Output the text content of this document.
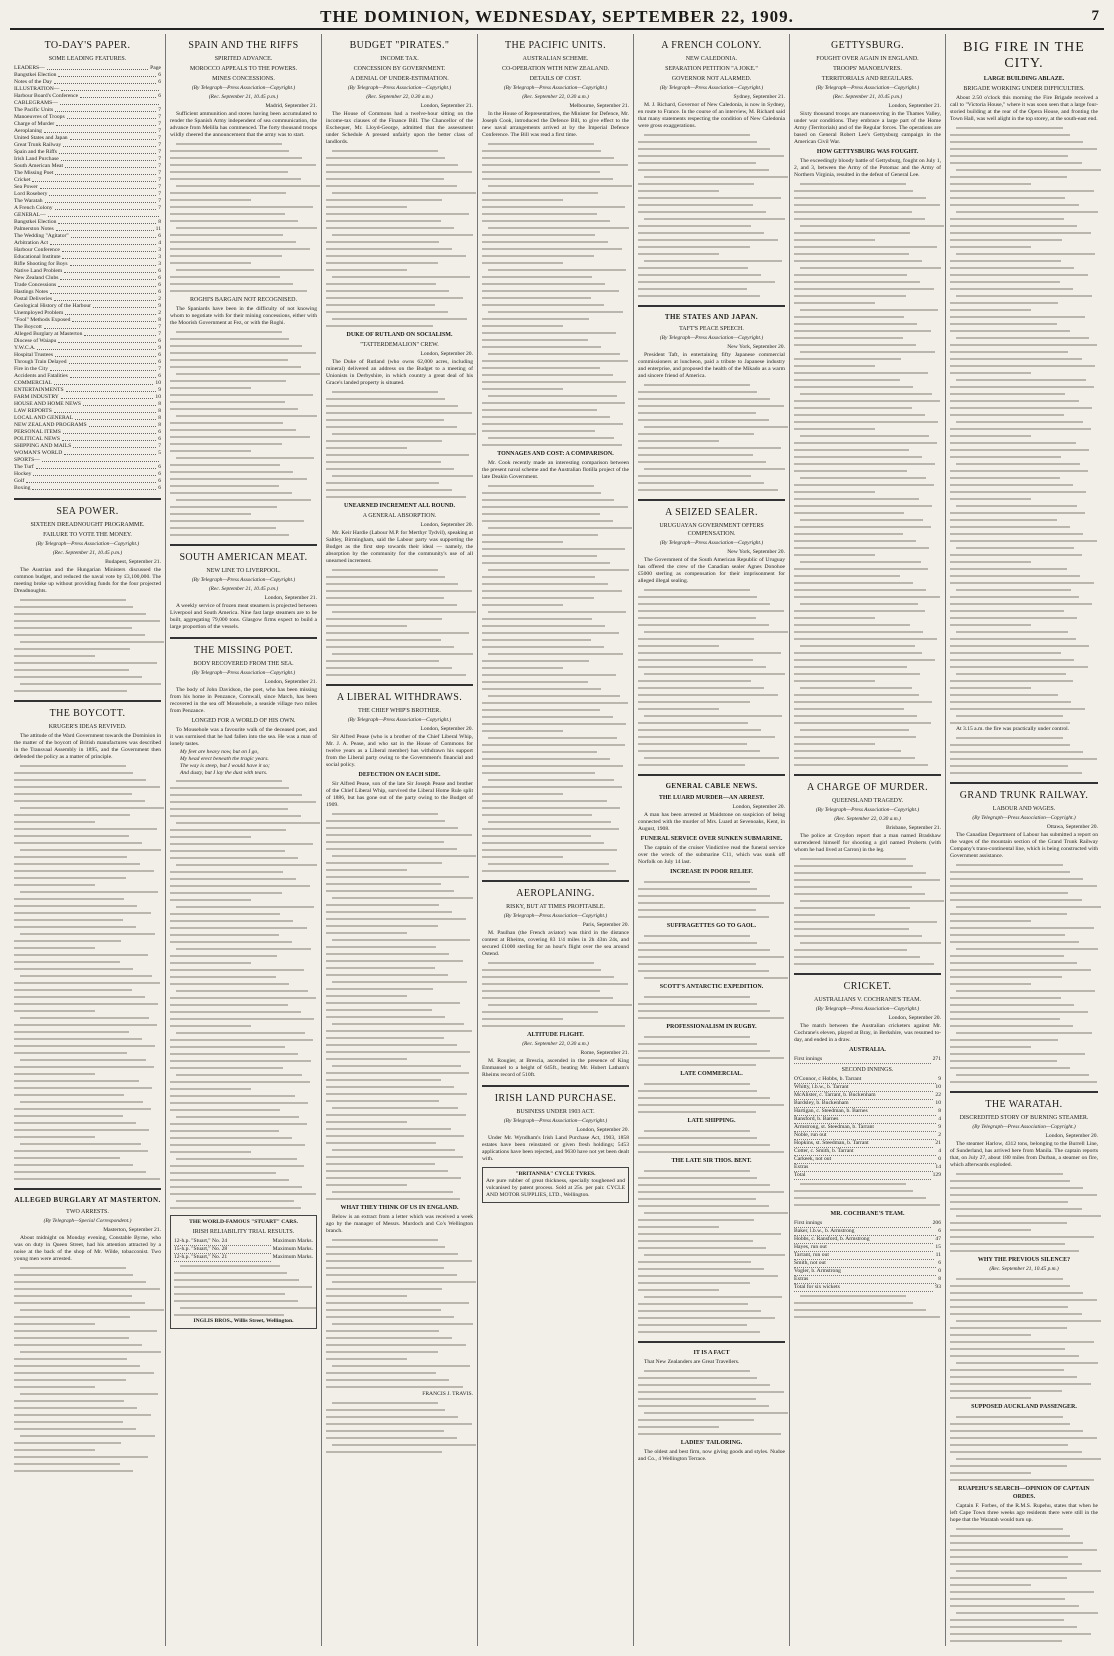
THE DOMINION, WEDNESDAY, SEPTEMBER 22, 1909.	7
TO-DAY'S PAPER.
SOME LEADING FEATURES.
LEADERS—	Page
Bangstkei Election	6
Notes of the Day	6
ILLUSTRATION—
Harbour Board's Conference	6
CABLEGRAMS—
The Pacific Units	7
Manoeuvres of Troops	7
Charge of Murder	7
Aeroplaning	7
United States and Japan	7
Great Trunk Railway	7
Spain and the Riffs	7
Irish Land Purchase	7
South American Meat	7
The Missing Poet	7
Cricket	7
Sea Power	7
Lord Rosebery	7
The Waratah	7
A French Colony	7
GENERAL—
Bangstkei Election	8
Palmerston Notes	11
The Wedding "Agitator"	6
Arbitration Act	4
Harbour Conference	3
Educational Institute	3
Rifle Shooting for Boys	3
Native Land Problem	6
New Zealand Clubs	6
Trade Concessions	6
Hastings Notes	6
Postal Deliveries	2
Geological History of the Harbour	9
Unemployed Problem	2
"Fool" Methods Exposed	8
The Boycott	7
Alleged Burglary at Masterton	7
Diocese of Waiapu	6
Y.W.C.A.	9
Hospital Trustees	6
Through Train Delayed	6
Fire in the City	7
Accidents and Fatalities	6
COMMERCIAL	10
ENTERTAINMENTS	9
FARM INDUSTRY	10
HOUSE AND HOME NEWS	8
LAW REPORTS	8
LOCAL AND GENERAL	8
NEW ZEALAND PROGRAMS	8
PERSONAL ITEMS	6
POLITICAL NEWS	6
SHIPPING AND MAILS	7
WOMAN'S WORLD	5
SPORTS—
The Turf	6
Hockey	6
Golf	6
Boxing	6
SEA POWER.
SIXTEEN DREADNOUGHT PROGRAMME.
FAILURE TO VOTE THE MONEY.
(By Telegraph—Press Association—Copyright.)
(Rec. September 21, 10.45 p.m.)
Budapest, September 21.

The Austrian and the Hungarian Ministers discussed the common budget, and reduced the naval vote by £3,100,000. The meeting broke up without providing funds for the four projected Dreadnoughts.

THE BOYCOTT.
KRUGER'S IDEAS REVIVED.

The attitude of the Ward Government towards the Dominion in the matter of the boycott of British manufactures was described in the Transvaal Assembly in 1895, and the Government then defended the policy as a matter of principle.

ALLEGED BURGLARY AT MASTERTON.
TWO ARRESTS.
(By Telegraph—Special Correspondent.)
Masterton, September 21.

About midnight on Monday evening, Constable Byrne, who was on duty in Queen Street, had his attention attracted by a noise at the back of the shop of Mr. Wilde, tobacconist. Two young men were arrested.

SPAIN AND THE RIFFS
SPIRITED ADVANCE.
MOROCCO APPEALS TO THE POWERS.
MINES CONCESSIONS.
(By Telegraph—Press Association—Copyright.)
(Rec. September 21, 10.45 p.m.)
Madrid, September 21.

Sufficient ammunition and stores having been accumulated to render the Spanish Army independent of sea communication, the advance from Melilla has commenced. The forty thousand troops wildly cheered the announcement that the army was to start.

ROGHI'S BARGAIN NOT RECOGNISED.

The Spaniards have been in the difficulty of not knowing whom to negotiate with for their mining concessions, either with the Moorish Government at Fez, or with the Roghi.

SOUTH AMERICAN MEAT.
NEW LINE TO LIVERPOOL.
(By Telegraph—Press Association—Copyright.)
(Rec. September 21, 10.45 p.m.)
London, September 21.

A weekly service of frozen meat steamers is projected between Liverpool and South America. Nine fast large steamers are to be built, aggregating 79,000 tons. Glasgow firms expect to build a large proportion of the vessels.

THE MISSING POET.
BODY RECOVERED FROM THE SEA.
(By Telegraph—Press Association—Copyright.)
London, September 21.

The body of John Davidson, the poet, who has been missing from his home in Penzance, Cornwall, since March, has been recovered in the sea off Mousehole, a seaside village two miles from Penzance.

LONGED FOR A WORLD OF HIS OWN.

To Mousehole was a favourite walk of the deceased poet, and it was surmised that he had fallen into the sea. He was a man of lonely tastes.

My feet are heavy now, but on I go,
My head erect beneath the tragic years.
The way is steep, but I would have it so;
And dusty, but I lay the dust with tears.
THE WORLD-FAMOUS "STUART" CARS.
IRISH RELIABILITY TRIAL RESULTS.
12-h.p. "Stuart," No. 24	Maximum Marks.
15-h.p. "Stuart," No. 28	Maximum Marks.
12-h.p. "Stuart," No. 21	Maximum Marks.
INGLIS BROS., Willis Street, Wellington.
BUDGET "PIRATES."
INCOME TAX.
CONCESSION BY GOVERNMENT.
A DENIAL OF UNDER-ESTIMATION.
(By Telegraph—Press Association—Copyright.)
(Rec. September 22, 0.30 a.m.)
London, September 21.

The House of Commons had a twelve-hour sitting on the income-tax clauses of the Finance Bill. The Chancellor of the Exchequer, Mr. Lloyd-George, admitted that the assessment under Schedule A pressed unfairly upon the better class of landlords.

DUKE OF RUTLAND ON SOCIALISM.
"TATTERDEMALION" CREW.
London, September 20.

The Duke of Rutland (who owns 62,000 acres, including mineral) delivered an address on the Budget to a meeting of Unionists in Derbyshire, in which country a great deal of his Grace's landed property is situated.

UNEARNED INCREMENT ALL ROUND.
A GENERAL ABSORPTION.
London, September 20.

Mr. Keir Hardie (Labour M.P. for Merthyr Tydvil), speaking at Saltley, Birmingham, said the Labour party was supporting the Budget as the first step towards their ideal — namely, the absorption by the community for the community's use of all unearned increment.

A LIBERAL WITHDRAWS.
THE CHIEF WHIP'S BROTHER.
(By Telegraph—Press Association—Copyright.)
London, September 20.

Sir Alfred Pease (who is a brother of the Chief Liberal Whip, Mr. J. A. Pease, and who sat in the House of Commons for twelve years as a Liberal member) has withdrawn his support from the Liberal party owing to the Government's financial and social policy.

DEFECTION ON EACH SIDE.

Sir Alfred Pease, son of the late Sir Joseph Pease and brother of the Chief Liberal Whip, survived the Liberal Home Rule split of 1886, but has gone out of the party owing to the Budget of 1909.

WHAT THEY THINK OF US IN ENGLAND.

Below is an extract from a letter which was received a week ago by the manager of Messrs. Murdoch and Co's Wellington branch.

FRANCIS J. TRAVIS.
THE PACIFIC UNITS.
AUSTRALIAN SCHEME.
CO-OPERATION WITH NEW ZEALAND.
DETAILS OF COST.
(By Telegraph—Press Association—Copyright.)
(Rec. September 22, 0.30 a.m.)
Melbourne, September 21.

In the House of Representatives, the Minister for Defence, Mr. Joseph Cook, introduced the Defence Bill, to give effect to the new naval arrangements arrived at by the Imperial Defence Conference. The Bill was read a first time.

TONNAGES AND COST: A COMPARISON.

Mr. Cook recently made an interesting comparison between the present naval scheme and the Australian flotilla project of the late Deakin Government.

AEROPLANING.
RISKY, BUT AT TIMES PROFITABLE.
(By Telegraph—Press Association—Copyright.)
Paris, September 20.

M. Paulhan (the French aviator) was third in the distance contest at Rheims, covering 83 1/4 miles in 2h 43m 24s, and secured £1000 sterling for an hour's flight over the sea around Ostend.

ALTITUDE FLIGHT.
(Rec. September 22, 0.30 a.m.)
Rome, September 21.

M. Rougier, at Brescia, ascended in the presence of King Emmanuel to a height of 645ft., beating Mr. Hubert Latham's Rheims record of 510ft.

IRISH LAND PURCHASE.
BUSINESS UNDER 1903 ACT.
(By Telegraph—Press Association—Copyright.)
London, September 20.

Under Mr. Wyndham's Irish Land Purchase Act, 1903, 1858 estates have been reinstated or given fresh holdings; 5453 applications have been rejected, and 9630 have not yet been dealt with.

"BRITANNIA" CYCLE TYRES.
Are pure rubber of great thickness, specially toughened and vulcanised by patent process. Sold at 25s. per pair. CYCLE AND MOTOR SUPPLIES, LTD., Wellington.
A FRENCH COLONY.
NEW CALEDONIA.
SEPARATION PETITION "A JOKE."
GOVERNOR NOT ALARMED.
(By Telegraph—Press Association—Copyright.)
Sydney, September 21.

M. J. Richard, Governor of New Caledonia, is now in Sydney, en route to France. In the course of an interview, M. Richard said that many statements respecting the condition of New Caledonia were gross exaggerations.

THE STATES AND JAPAN.
TAFT'S PEACE SPEECH.
(By Telegraph—Press Association—Copyright.)
New York, September 20.

President Taft, in entertaining fifty Japanese commercial commissioners at luncheon, paid a tribute to Japanese industry and enterprise, and proposed the health of the Mikado as a warm and sincere friend of America.

A SEIZED SEALER.
URUGUAYAN GOVERNMENT OFFERS COMPENSATION.
(By Telegraph—Press Association—Copyright.)
New York, September 20.

The Government of the South American Republic of Uruguay has offered the crew of the Canadian sealer Agnes Donohoe £5000 sterling as compensation for their imprisonment for alleged illegal sealing.

GENERAL CABLE NEWS.
THE LUARD MURDER—AN ARREST.
London, September 20.

A man has been arrested at Maidstone on suspicion of being connected with the murder of Mrs. Luard at Sevenoaks, Kent, in August, 1908.

FUNERAL SERVICE OVER SUNKEN SUBMARINE.

The captain of the cruiser Vindictive read the funeral service over the wreck of the submarine C11, which was sunk off Norfolk on July 14 last.

INCREASE IN POOR RELIEF.
SUFFRAGETTES GO TO GAOL.
SCOTT'S ANTARCTIC EXPEDITION.
PROFESSIONALISM IN RUGBY.
LATE COMMERCIAL.
LATE SHIPPING.
THE LATE SIR THOS. BENT.
IT IS A FACT

That New Zealanders are Great Travellers.

LADIES' TAILORING.

The oldest and best firm, now giving goods and styles. Nudoe and Co., 4 Wellington Terrace.

GETTYSBURG.
FOUGHT OVER AGAIN IN ENGLAND.
TROOPS' MANOEUVRES.
TERRITORIALS AND REGULARS.
(By Telegraph—Press Association—Copyright.)
(Rec. September 21, 10.45 p.m.)
London, September 21.

Sixty thousand troops are manoeuvring in the Thames Valley, under war conditions. They embrace a large part of the Home Army (Territorials) and of the Regular forces. The operations are based on General Robert Lee's Gettysburg campaign in the American Civil War.

HOW GETTYSBURG WAS FOUGHT.

The exceedingly bloody battle of Gettysburg, fought on July 1, 2, and 3, between the Army of the Potomac and the Army of Northern Virginia, resulted in the defeat of General Lee.

A CHARGE OF MURDER.
QUEENSLAND TRAGEDY.
(By Telegraph—Press Association—Copyright.)
(Rec. September 22, 0.30 a.m.)
Brisbane, September 21.

The police at Croydon report that a man named Bradshaw surrendered himself for shooting a girl named Proberts (with whom he had lived at Carron) in the leg.

CRICKET.
AUSTRALIANS V. COCHRANE'S TEAM.
(By Telegraph—Press Association—Copyright.)
London, September 20.

The match between the Australian cricketers against Mr. Cochrane's eleven, played at Bray, in Berkshire, was resumed to-day, and ended in a draw.

AUSTRALIA.
First innings	271
SECOND INNINGS.
O'Connor, c Hobbs, b. Tarrant	9
Whitty, l.b.w., b. Tarrant	10
McAlister, c. Tarrant, b. Buckenham	22
Bardsley, b. Buckenham	10
Hartigan, c. Steedman, b. Barnes	8
Ransford, b. Barnes	4
Armstrong, st. Steedman, b. Tarrant	9
Noble, run out	2
Hopkins, st. Steedman, b. Tarrant	21
Cotter, c. Smith, b. Tarrant	4
Carkeek, not out	0
Extras	14
Total	129
MR. COCHRANE'S TEAM.
First innings	206
Baker, l.b.w., b. Armstrong	6
Hobbs, c. Ransford, b. Armstrong	47
Hayes, run out	15
Tarrant, run out	11
Smith, not out	6
Vogler, b. Armstrong	0
Extras	8
Total for six wickets	93
BIG FIRE IN THE CITY.
LARGE BUILDING ABLAZE.
BRIGADE WORKING UNDER DIFFICULTIES.

About 2.50 o'clock this morning the Fire Brigade received a call to "Victoria House," where it was soon seen that a large four-storied building at the rear of the Opera House, and fronting the Town Hall, was well alight in the top storey, at the south-east end.

At 3.15 a.m. the fire was practically under control.

GRAND TRUNK RAILWAY.
LABOUR AND WAGES.
(By Telegraph—Press Association—Copyright.)
Ottawa, September 20.

The Canadian Department of Labour has submitted a report on the wages of the mountain section of the Grand Trunk Railway Company's trans-continental line, which is being constructed with Government assistance.

THE WARATAH.
DISCREDITED STORY OF BURNING STEAMER.
(By Telegraph—Press Association—Copyright.)
London, September 20.

The steamer Harlow, 4312 tons, belonging to the Burrell Line, of Sunderland, has arrived here from Manila. The captain reports that, on July 27, about 180 miles from Durban, a steamer on fire, which afterwards exploded.

WHY THE PREVIOUS SILENCE?
(Rec. September 21, 10.45 p.m.)
SUPPOSED AUCKLAND PASSENGER.
RUAPEHU'S SEARCH—OPINION OF CAPTAIN ORDES.

Captain F. Forbes, of the R.M.S. Rupehu, states that when he left Cape Town three weeks ago residents there were still in the hope that the Waratah would turn up.
